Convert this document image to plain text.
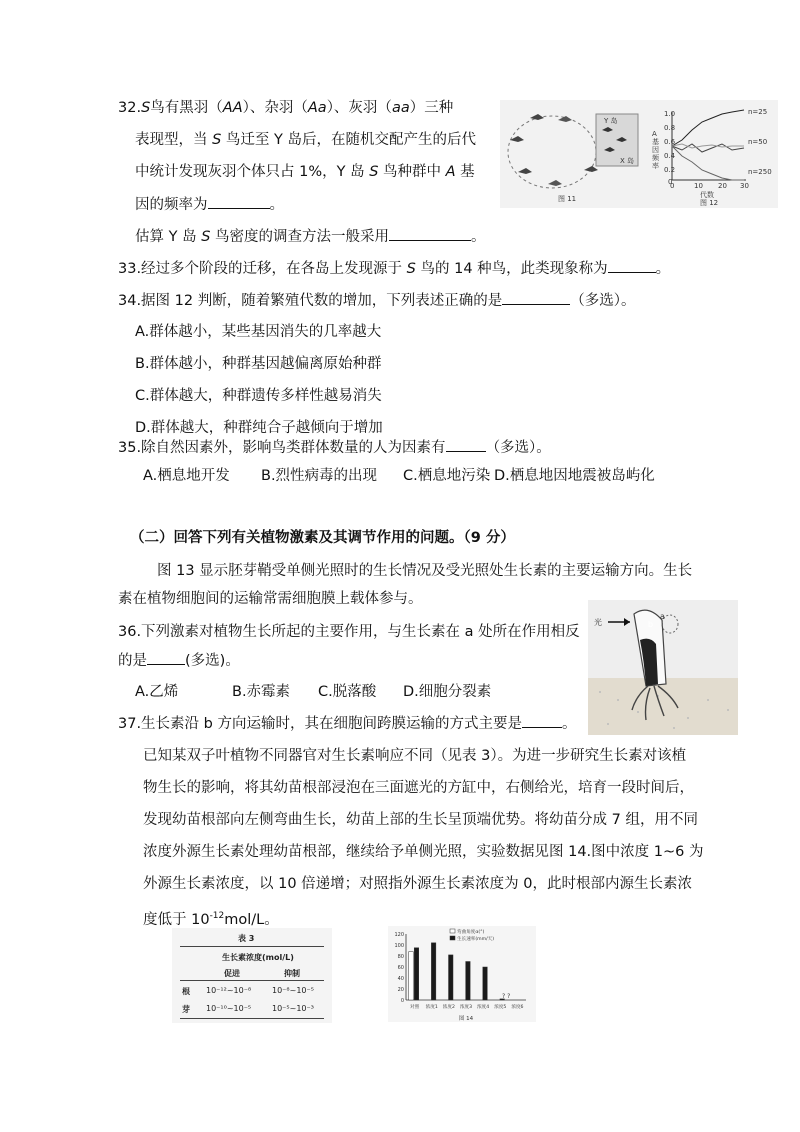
32.S鸟有黑羽（AA）、杂羽（Aa）、灰羽（aa）三种
表现型，当 S 鸟迁至 Y 岛后，在随机交配产生的后代
中统计发现灰羽个体只占 1%，Y 岛 S 鸟种群中 A 基
因的频率为	。
估算 Y 岛 S 鸟密度的调查方法一般采用	。
Y 岛
X 岛
图 11
1.0
0.8
0.6
0.4
0.2
0
A基因频率
n=25
n=50
n=250
0	10 20 30
代数
图 12
33.经过多个阶段的迁移，在各岛上发现源于 S 鸟的 14 种鸟，此类现象称为	。
34.据图 12 判断，随着繁殖代数的增加，下列表述正确的是	（多选）。
A.群体越小，某些基因消失的几率越大
B.群体越小，种群基因越偏离原始种群
C.群体越大，种群遗传多样性越易消失
D.群体越大，种群纯合子越倾向于增加
35.除自然因素外，影响鸟类群体数量的人为因素有	（多选）。
A.栖息地开发 B.烈性病毒的出现 C.栖息地污染 D.栖息地因地震被岛屿化
（二）回答下列有关植物激素及其调节作用的问题。（9 分）
图 13 显示胚芽鞘受单侧光照时的生长情况及受光照处生长素的主要运输方向。生长
素在植物细胞间的运输常需细胞膜上载体参与。
36.下列激素对植物生长所起的主要作用，与生长素在 a 处所在作用相反
的是	(多选)。
A.乙烯	B.赤霉素 C.脱落酸 D.细胞分裂素
光
a
b
37.生长素沿 b 方向运输时，其在细胞间跨膜运输的方式主要是	。
已知某双子叶植物不同器官对生长素响应不同（见表 3）。为进一步研究生长素对该植
物生长的影响，将其幼苗根部浸泡在三面遮光的方缸中，右侧给光，培育一段时间后，
发现幼苗根部向左侧弯曲生长，幼苗上部的生长呈顶端优势。将幼苗分成 7 组，用不同
浓度外源生长素处理幼苗根部，继续给予单侧光照，实验数据见图 14.图中浓度 1~6 为
外源生长素浓度，以 10 倍递增；对照指外源生长素浓度为 0，此时根部内源生长素浓
度低于 $10^{-12}mol/L$。
表 3
生长素浓度(mol/L)
促进	抑制
根 10⁻¹²~10⁻⁸	10⁻⁸~10⁻⁵
芽 10⁻¹⁰~10⁻⁵	10⁻⁵~10⁻³
120
100
80
60
40
20
0
对照 浓度1 浓度2 浓度3 浓度4 浓度5 浓度6
弯曲角度α(°)
生长速率(mm/天)
? ?
图 14
